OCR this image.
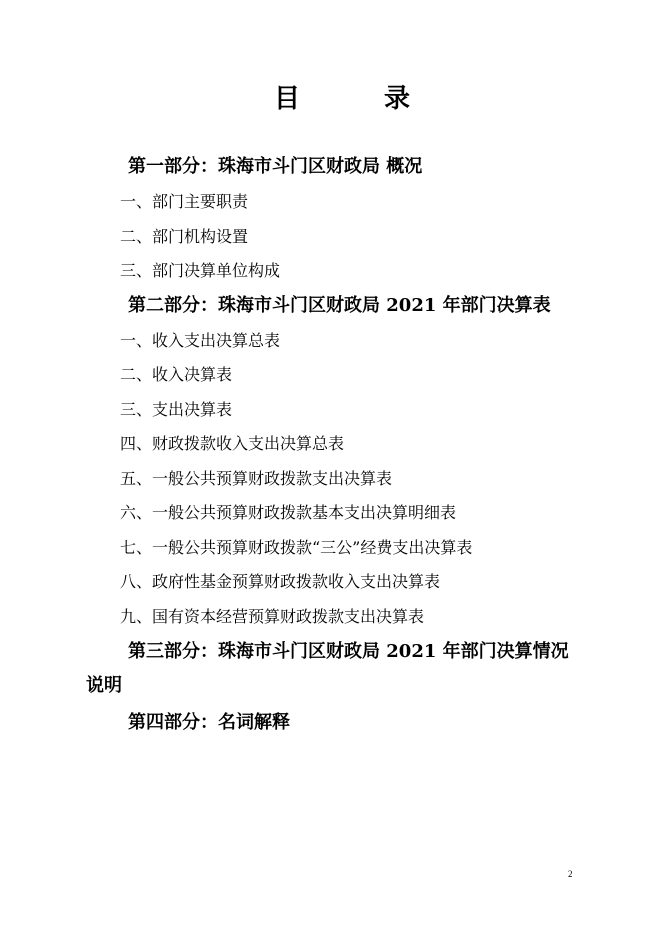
目	录
第一部分：珠海市斗门区财政局 概况
一、部门主要职责
二、部门机构设置
三、部门决算单位构成
第二部分：珠海市斗门区财政局 2021 年部门决算表
一、收入支出决算总表
二、收入决算表
三、支出决算表
四、财政拨款收入支出决算总表
五、一般公共预算财政拨款支出决算表
六、一般公共预算财政拨款基本支出决算明细表
七、一般公共预算财政拨款“三公”经费支出决算表
八、政府性基金预算财政拨款收入支出决算表
九、国有资本经营预算财政拨款支出决算表
第三部分：珠海市斗门区财政局 2021 年部门决算情况说明
第四部分：名词解释
2
